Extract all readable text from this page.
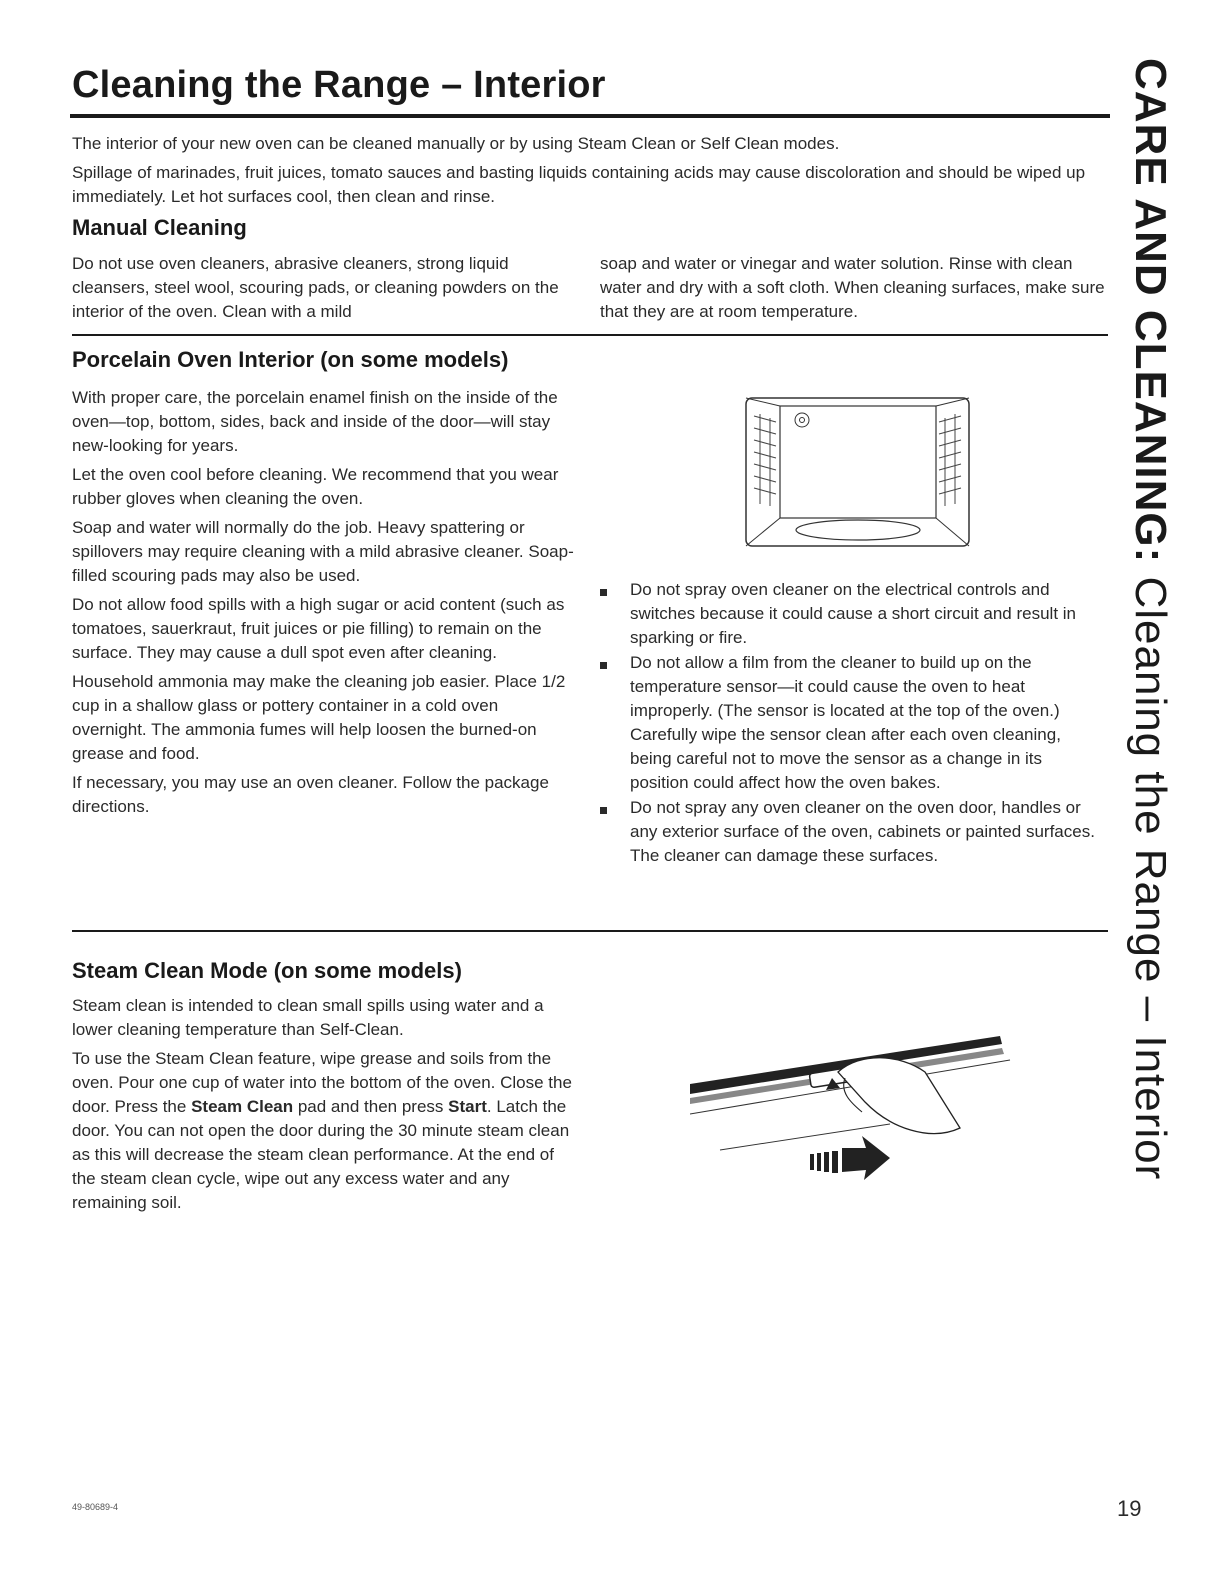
Cleaning the Range – Interior

The interior of your new oven can be cleaned manually or by using Steam Clean or Self Clean modes.

Spillage of marinades, fruit juices, tomato sauces and basting liquids containing acids may cause discoloration and should be wiped up immediately. Let hot surfaces cool, then clean and rinse.

Manual Cleaning
Do not use oven cleaners, abrasive cleaners, strong liquid cleansers, steel wool, scouring pads, or cleaning powders on the interior of the oven. Clean with a mild
soap and water or vinegar and water solution. Rinse with clean water and dry with a soft cloth. When cleaning surfaces, make sure that they are at room temperature.
Porcelain Oven Interior (on some models)

With proper care, the porcelain enamel finish on the inside of the oven—top, bottom, sides, back and inside of the door—will stay new-looking for years.

Let the oven cool before cleaning. We recommend that you wear rubber gloves when cleaning the oven.

Soap and water will normally do the job. Heavy spattering or spillovers may require cleaning with a mild abrasive cleaner. Soap-filled scouring pads may also be used.

Do not allow food spills with a high sugar or acid content (such as tomatoes, sauerkraut, fruit juices or pie filling) to remain on the surface. They may cause a dull spot even after cleaning.

Household ammonia may make the cleaning job easier. Place 1/2 cup in a shallow glass or pottery container in a cold oven overnight. The ammonia fumes will help loosen the burned-on grease and food.

If necessary, you may use an oven cleaner. Follow the package directions.

Do not spray oven cleaner on the electrical controls and switches because it could cause a short circuit and result in sparking or fire.
Do not allow a film from the cleaner to build up on the temperature sensor—it could cause the oven to heat improperly. (The sensor is located at the top of the oven.) Carefully wipe the sensor clean after each oven cleaning, being careful not to move the sensor as a change in its position could affect how the oven bakes.
Do not spray any oven cleaner on the oven door, handles or any exterior surface of the oven, cabinets or painted surfaces. The cleaner can damage these surfaces.
Steam Clean Mode (on some models)

Steam clean is intended to clean small spills using water and a lower cleaning temperature than Self-Clean.

To use the Steam Clean feature, wipe grease and soils from the oven. Pour one cup of water into the bottom of the oven. Close the door. Press the Steam Clean pad and then press Start. Latch the door. You can not open the door during the 30 minute steam clean as this will decrease the steam clean performance. At the end of the steam clean cycle, wipe out any excess water and any remaining soil.

CARE AND CLEANING: Cleaning the Range – Interior
49-80689-4	19
